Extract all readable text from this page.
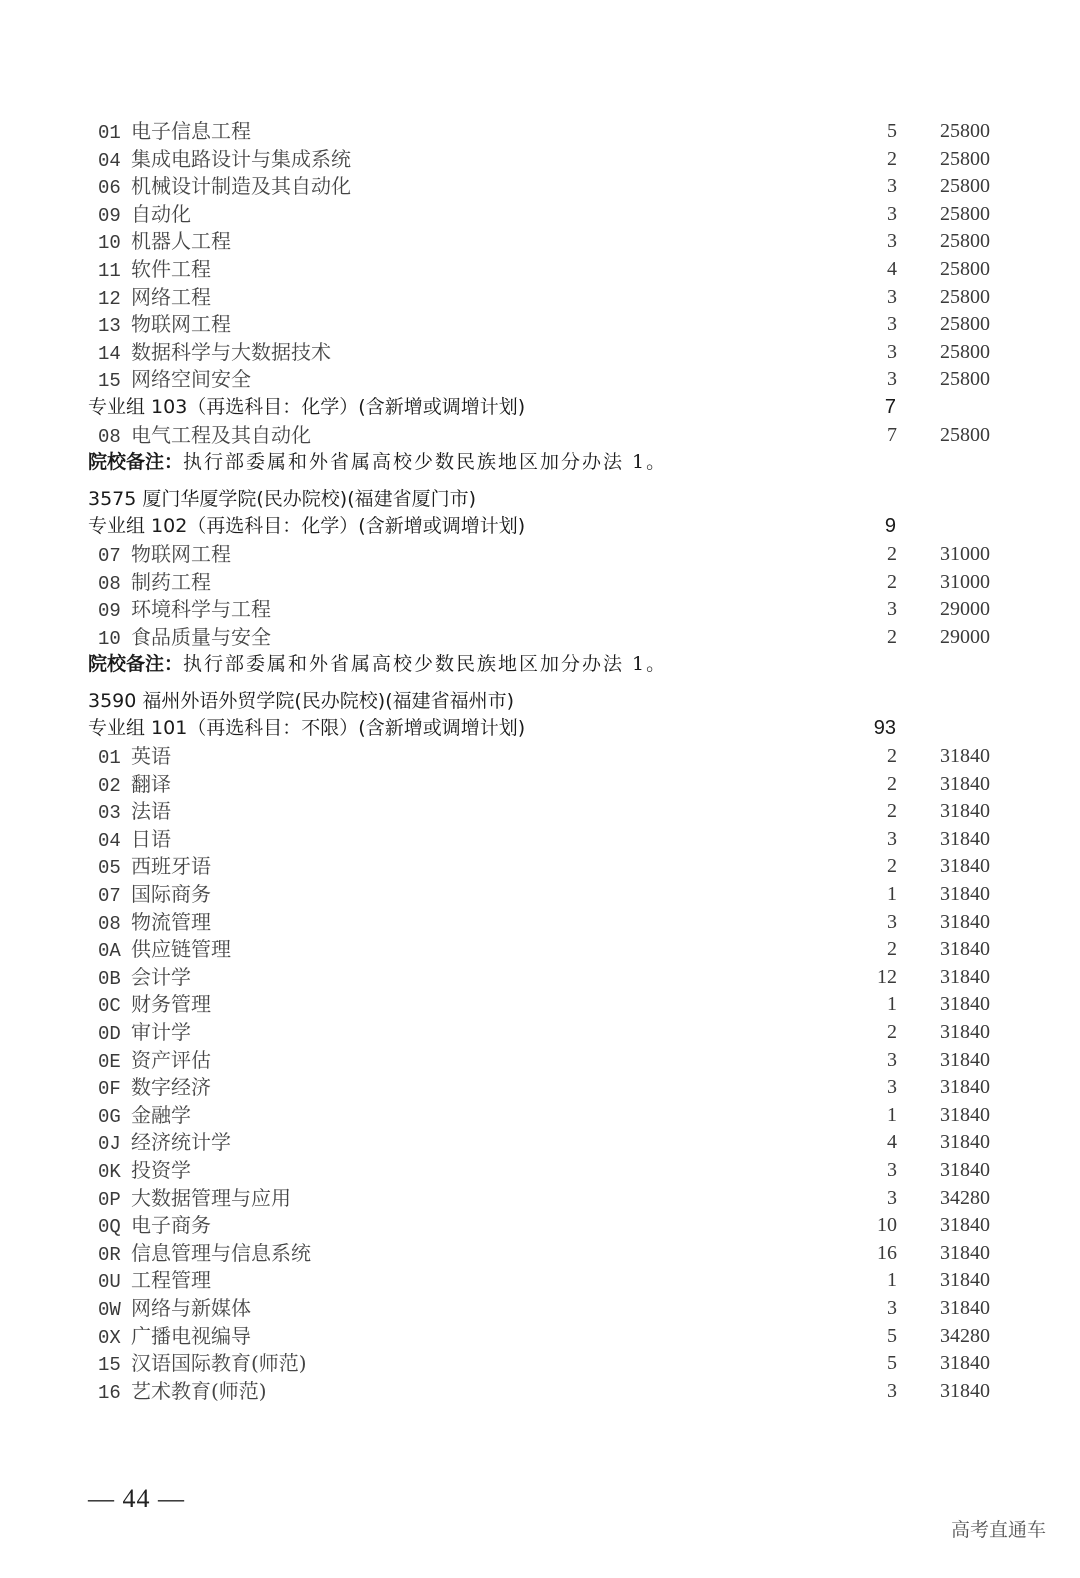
01 电子信息工程	5 25800
04 集成电路设计与集成系统	2 25800
06 机械设计制造及其自动化	3 25800
09 自动化	3 25800
10 机器人工程	3 25800
11 软件工程	4 25800
12 网络工程	3 25800
13 物联网工程	3 25800
14 数据科学与大数据技术	3 25800
15 网络空间安全	3 25800
专业组 103（再选科目：化学）(含新增或调增计划)	7
08 电气工程及其自动化	7 25800
院校备注：执行部委属和外省属高校少数民族地区加分办法 1。
3575 厦门华厦学院(民办院校)(福建省厦门市)
专业组 102（再选科目：化学）(含新增或调增计划)	9
07 物联网工程	2 31000
08 制药工程	2 31000
09 环境科学与工程	3 29000
10 食品质量与安全	2 29000
院校备注：执行部委属和外省属高校少数民族地区加分办法 1。
3590 福州外语外贸学院(民办院校)(福建省福州市)
专业组 101（再选科目：不限）(含新增或调增计划)	93
01 英语	2 31840
02 翻译	2 31840
03 法语	2 31840
04 日语	3 31840
05 西班牙语	2 31840
07 国际商务	1 31840
08 物流管理	3 31840
0A 供应链管理	2 31840
0B 会计学	12 31840
0C 财务管理	1 31840
0D 审计学	2 31840
0E 资产评估	3 31840
0F 数字经济	3 31840
0G 金融学	1 31840
0J 经济统计学	4 31840
0K 投资学	3 31840
0P 大数据管理与应用	3 34280
0Q 电子商务	10 31840
0R 信息管理与信息系统	16 31840
0U 工程管理	1 31840
0W 网络与新媒体	3 31840
0X 广播电视编导	5 34280
15 汉语国际教育(师范)	5 31840
16 艺术教育(师范)	3 31840
— 44 —
高考直通车
